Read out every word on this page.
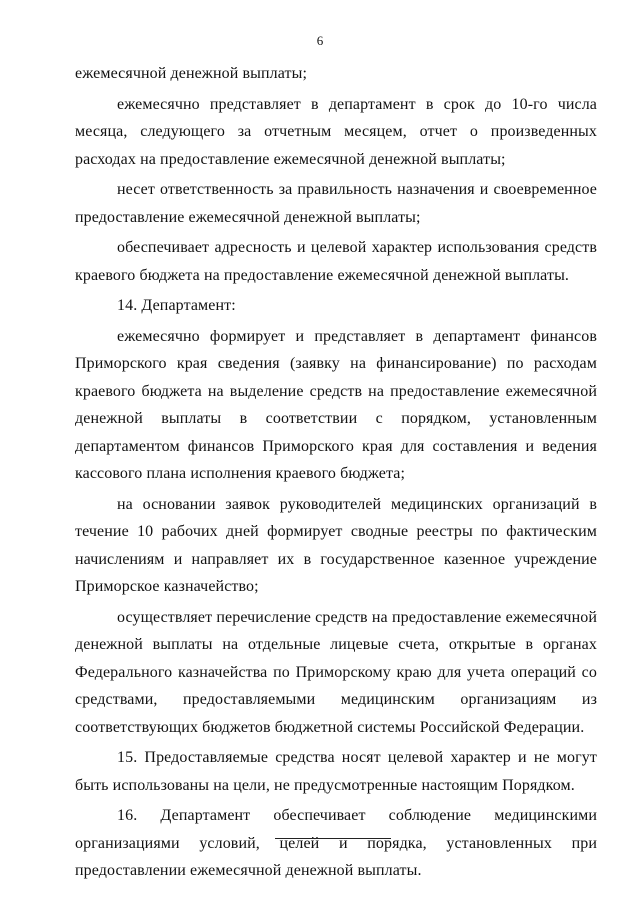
6

ежемесячной денежной выплаты;

ежемесячно представляет в департамент в срок до 10-го числа месяца, следующего за отчетным месяцем, отчет о произведенных расходах на предоставление ежемесячной денежной выплаты;

несет ответственность за правильность назначения и своевременное предоставление ежемесячной денежной выплаты;

обеспечивает адресность и целевой характер использования средств краевого бюджета на предоставление ежемесячной денежной выплаты.

14. Департамент:

ежемесячно формирует и представляет в департамент финансов Приморского края сведения (заявку на финансирование) по расходам краевого бюджета на выделение средств на предоставление ежемесячной денежной выплаты в соответствии с порядком, установленным департаментом финансов Приморского края для составления и ведения кассового плана исполнения краевого бюджета;

на основании заявок руководителей медицинских организаций в течение 10 рабочих дней формирует сводные реестры по фактическим начислениям и направляет их в государственное казенное учреждение Приморское казначейство;

осуществляет перечисление средств на предоставление ежемесячной денежной выплаты на отдельные лицевые счета, открытые в органах Федерального казначейства по Приморскому краю для учета операций со средствами, предоставляемыми медицинским организациям из соответствующих бюджетов бюджетной системы Российской Федерации.

15. Предоставляемые средства носят целевой характер и не могут быть использованы на цели, не предусмотренные настоящим Порядком.

16. Департамент обеспечивает соблюдение медицинскими организациями условий, целей и порядка, установленных при предоставлении ежемесячной денежной выплаты.
